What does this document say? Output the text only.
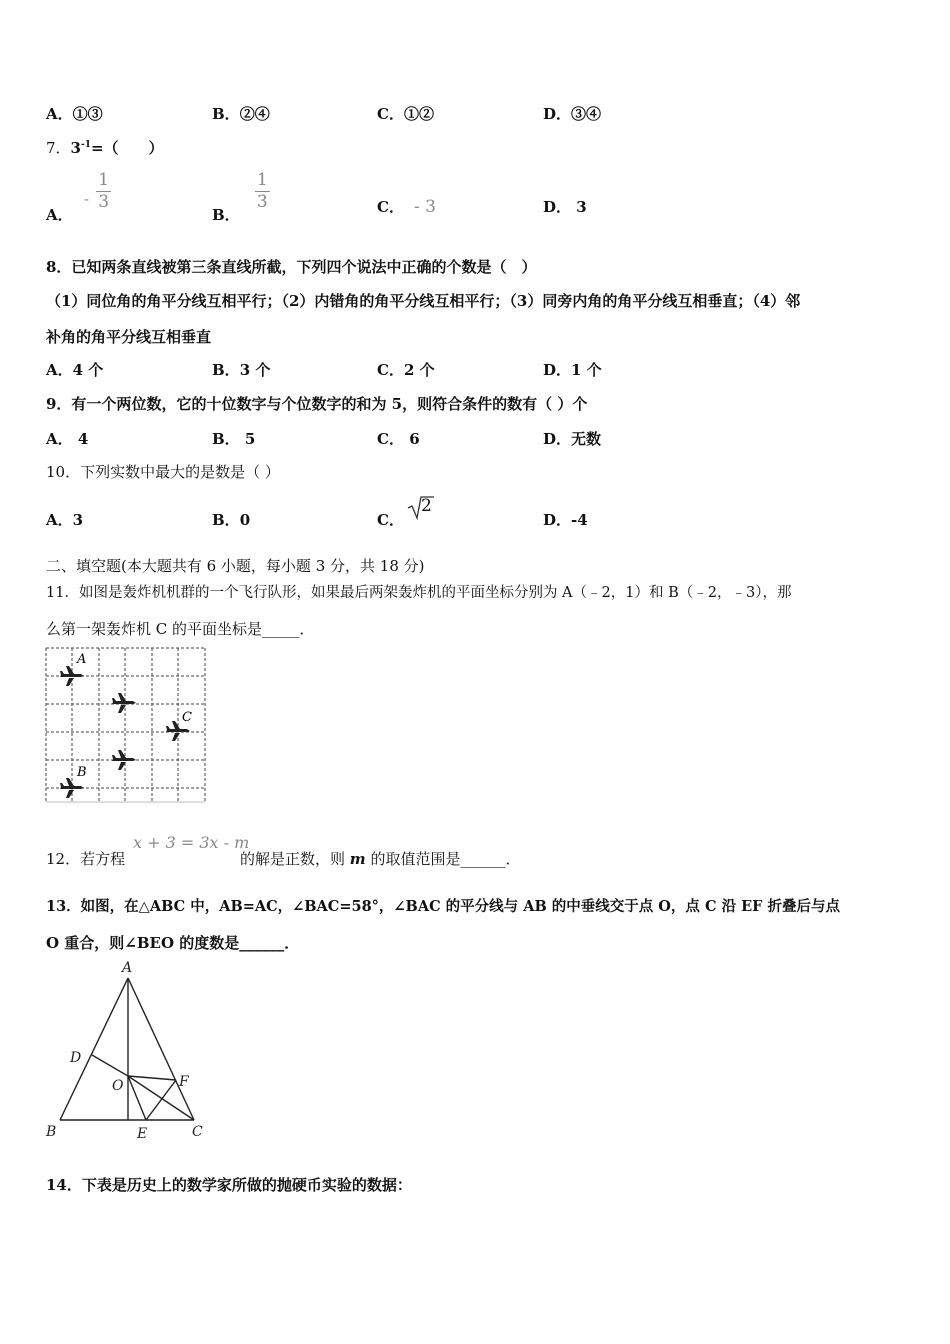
A．①③	B．②④	C．①②	D．③④
7．$3^{-1}=$（　　）
A． - $\frac{1}{3}$
B．
$\frac{1}{3}$	C． - 3	D． 3
8．已知两条直线被第三条直线所截，下列四个说法中正确的个数是（　）
（1）同位角的角平分线互相平行；（2）内错角的角平分线互相平行；（3）同旁内角的角平分线互相垂直；（4）邻
补角的角平分线互相垂直
A．4 个	B．3 个	C．2 个	D．1 个
9．有一个两位数，它的十位数字与个位数字的和为 5，则符合条件的数有（ ）个
A． 4	B． 5	C． 6	D．无数
10．下列实数中最大的是数是（ ）
A．3	B．0	C．
2
D．-4
二、填空题(本大题共有 6 小题，每小题 3 分，共 18 分)
11．如图是轰炸机机群的一个飞行队形，如果最后两架轰炸机的平面坐标分别为 A（﹣2，1）和 B（﹣2，﹣3），那
么第一架轰炸机 C 的平面坐标是_____．
A
C
B
12．若方程
x + 3 = 3x - m
的解是正数，则 m 的取值范围是______．
13．如图，在△ABC 中，AB=AC，∠BAC=58°，∠BAC 的平分线与 AB 的中垂线交于点 O，点 C 沿 EF 折叠后与点
O 重合，则∠BEO 的度数是______．
A
D
O	F
B	E	C
14．下表是历史上的数学家所做的抛硬币实验的数据：
